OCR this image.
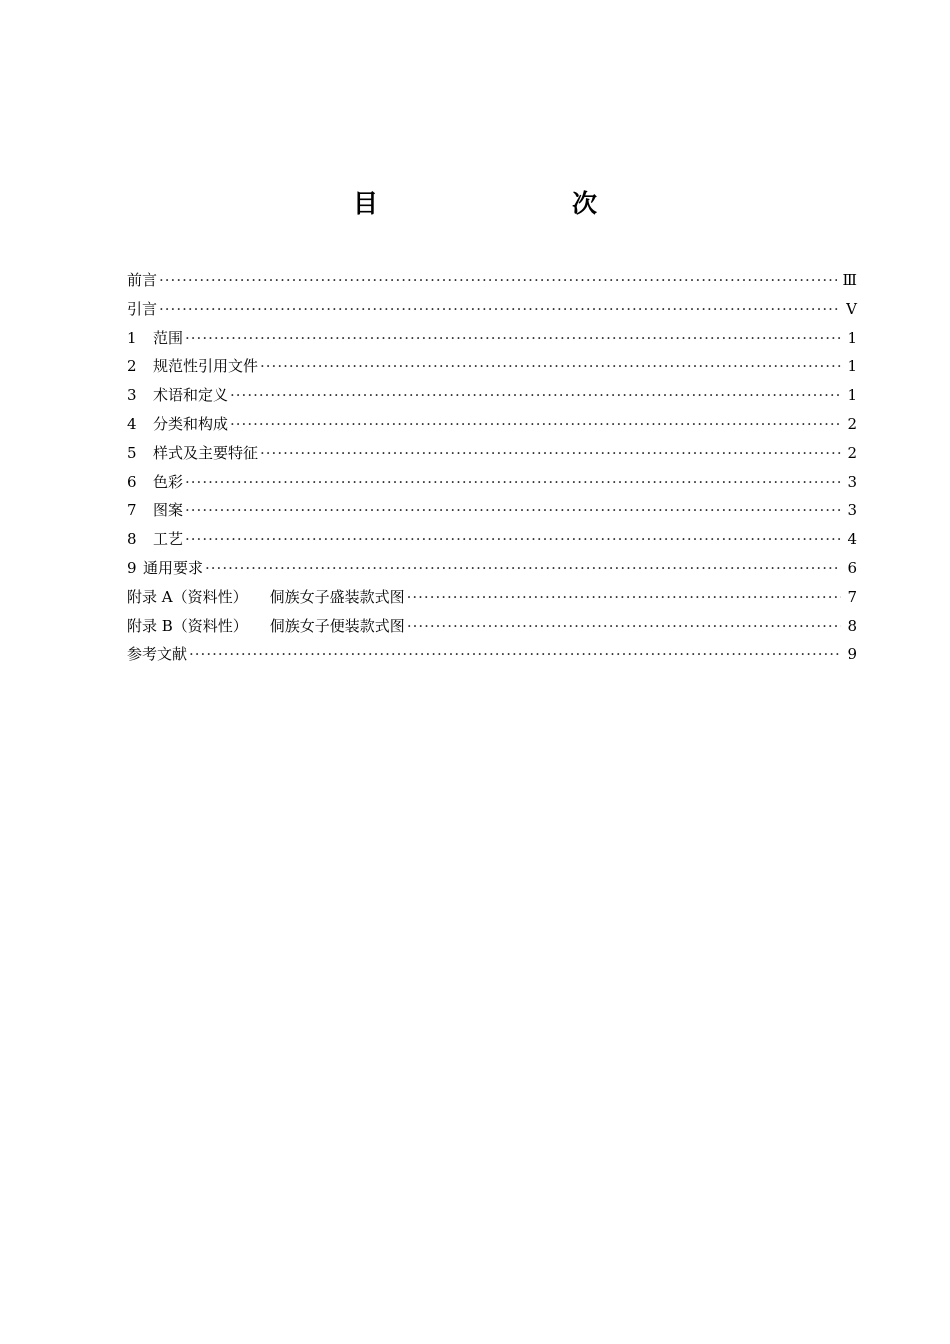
目　　次
前言 ·····	Ⅲ
引言 ·····	Ⅴ
1 范围 ·····	1
2 规范性引用文件 ·····	1
3 术语和定义 ·····	1
4 分类和构成 ·····	2
5 样式及主要特征 ·····	2
6 色彩 ·····	3
7 图案 ·····	3
8 工艺 ·····	4
9 通用要求 ·····	6
附录 A（资料性） 侗族女子盛装款式图 ·····	7
附录 B（资料性） 侗族女子便装款式图 ·····	8
参考文献 ·····	9
